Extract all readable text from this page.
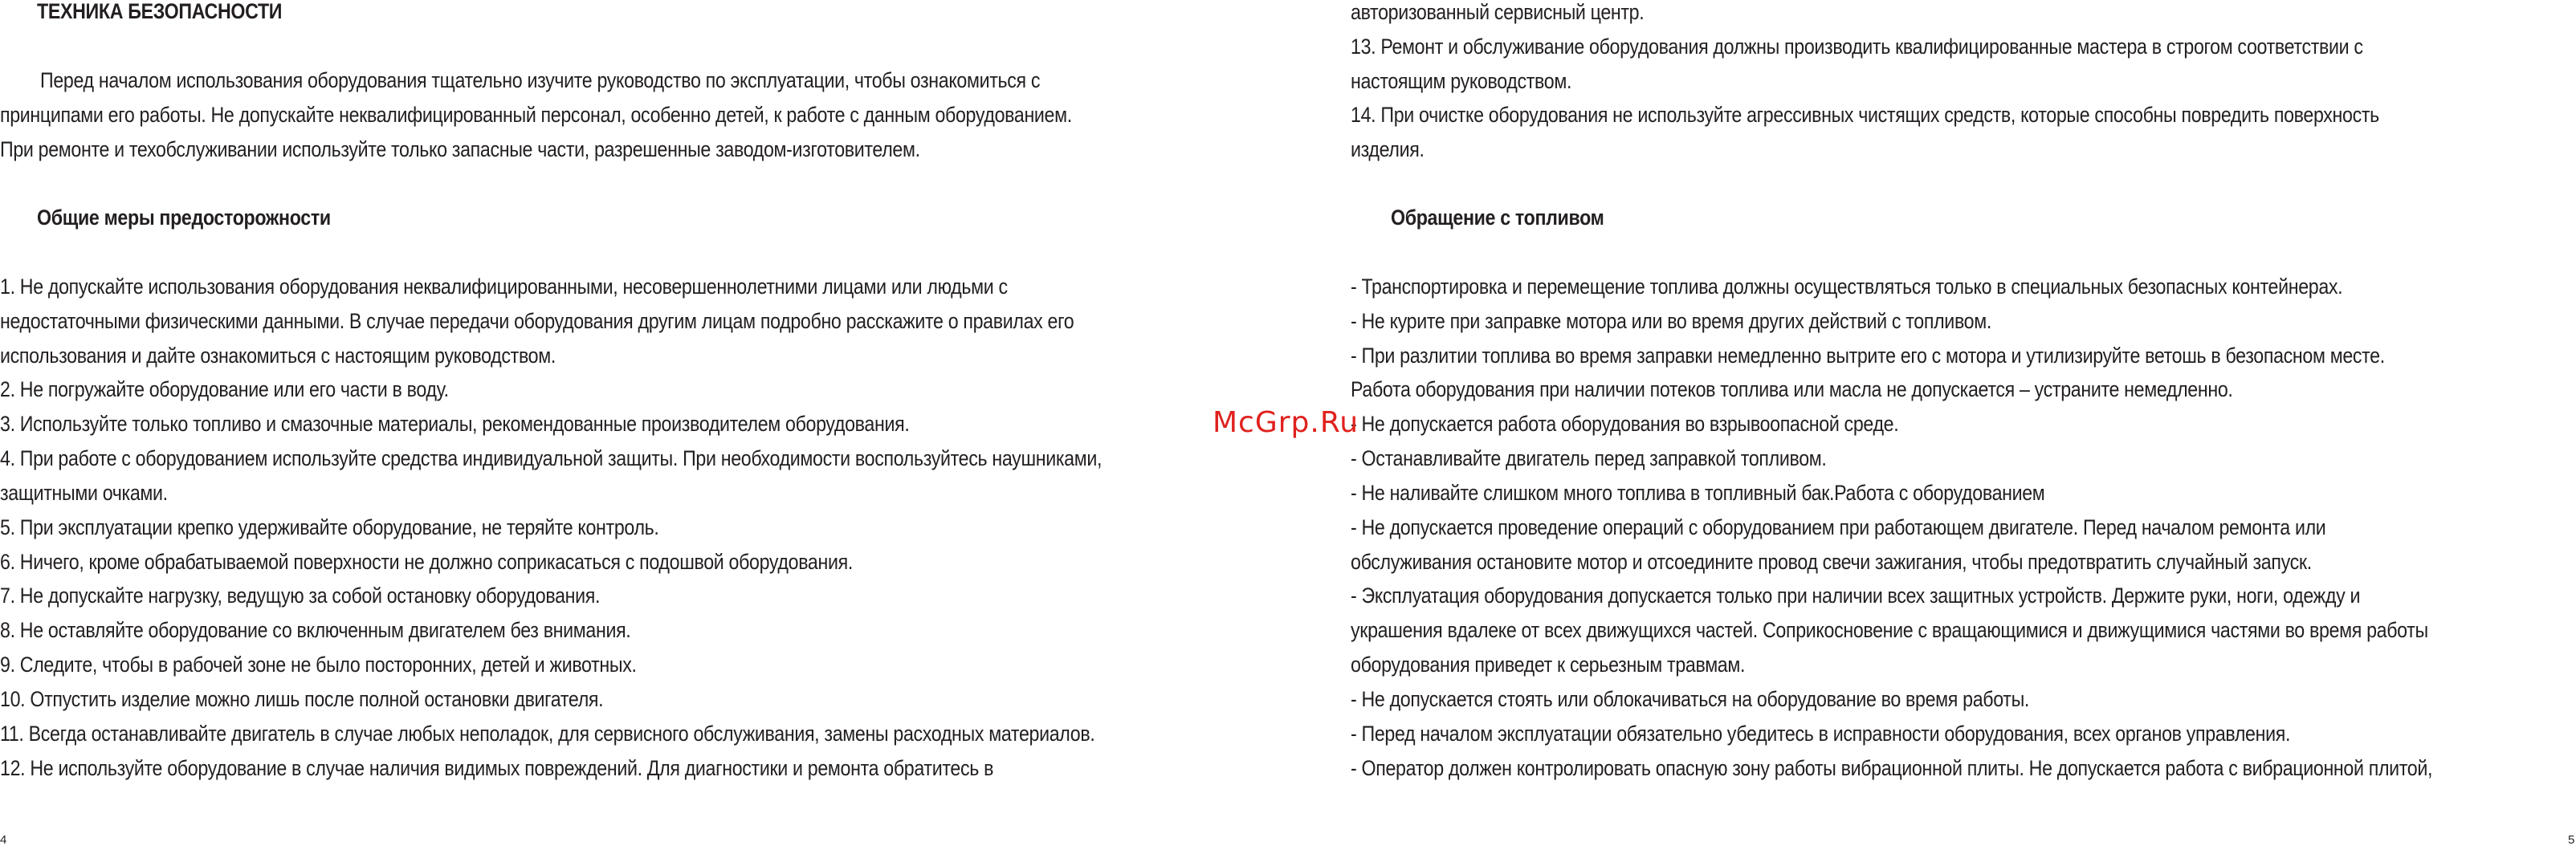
ТЕХНИКА БЕЗОПАСНОСТИ
Перед началом использования оборудования тщательно изучите руководство по эксплуатации, чтобы ознакомиться с
принципами его работы. Не допускайте неквалифицированный персонал, особенно детей, к работе с данным оборудованием.
При ремонте и техобслуживании используйте только запасные части, разрешенные заводом-изготовителем.
Общие меры предосторожности
1. Не допускайте использования оборудования неквалифицированными, несовершеннолетними лицами или людьми с
недостаточными физическими данными. В случае передачи оборудования другим лицам подробно расскажите о правилах его
использования и дайте ознакомиться с настоящим руководством.
2. Не погружайте оборудование или его части в воду.
3. Используйте только топливо и смазочные материалы, рекомендованные производителем оборудования.
4. При работе с оборудованием используйте средства индивидуальной защиты. При необходимости воспользуйтесь наушниками,
защитными очками.
5. При эксплуатации крепко удерживайте оборудование, не теряйте контроль.
6. Ничего, кроме обрабатываемой поверхности не должно соприкасаться с подошвой оборудования.
7. Не допускайте нагрузку, ведущую за собой остановку оборудования.
8. Не оставляйте оборудование со включенным двигателем без внимания.
9. Следите, чтобы в рабочей зоне не было посторонних, детей и животных.
10. Отпустить изделие можно лишь после полной остановки двигателя.
11. Всегда останавливайте двигатель в случае любых неполадок, для сервисного обслуживания, замены расходных материалов.
12. Не используйте оборудование в случае наличия видимых повреждений. Для диагностики и ремонта обратитесь в
4
авторизованный сервисный центр.
13. Ремонт и обслуживание оборудования должны производить квалифицированные мастера в строгом соответствии с
настоящим руководством.
14. При очистке оборудования не используйте агрессивных чистящих средств, которые способны повредить поверхность
изделия.
Обращение с топливом
- Транспортировка и перемещение топлива должны осуществляться только в специальных безопасных контейнерах.
- Не курите при заправке мотора или во время других действий с топливом.
- При разлитии топлива во время заправки немедленно вытрите его с мотора и утилизируйте ветошь в безопасном месте.
Работа оборудования при наличии потеков топлива или масла не допускается – устраните немедленно.
- Не допускается работа оборудования во взрывоопасной среде.
- Останавливайте двигатель перед заправкой топливом.
- Не наливайте слишком много топлива в топливный бак.Работа с оборудованием
- Не допускается проведение операций с оборудованием при работающем двигателе. Перед началом ремонта или
обслуживания остановите мотор и отсоедините провод свечи зажигания, чтобы предотвратить случайный запуск.
- Эксплуатация оборудования допускается только при наличии всех защитных устройств. Держите руки, ноги, одежду и
украшения вдалеке от всех движущихся частей. Соприкосновение с вращающимися и движущимися частями во время работы
оборудования приведет к серьезным травмам.
- Не допускается стоять или облокачиваться на оборудование во время работы.
- Перед началом эксплуатации обязательно убедитесь в исправности оборудования, всех органов управления.
- Оператор должен контролировать опасную зону работы вибрационной плиты. Не допускается работа с вибрационной плитой,
5
McGrp.Ru
